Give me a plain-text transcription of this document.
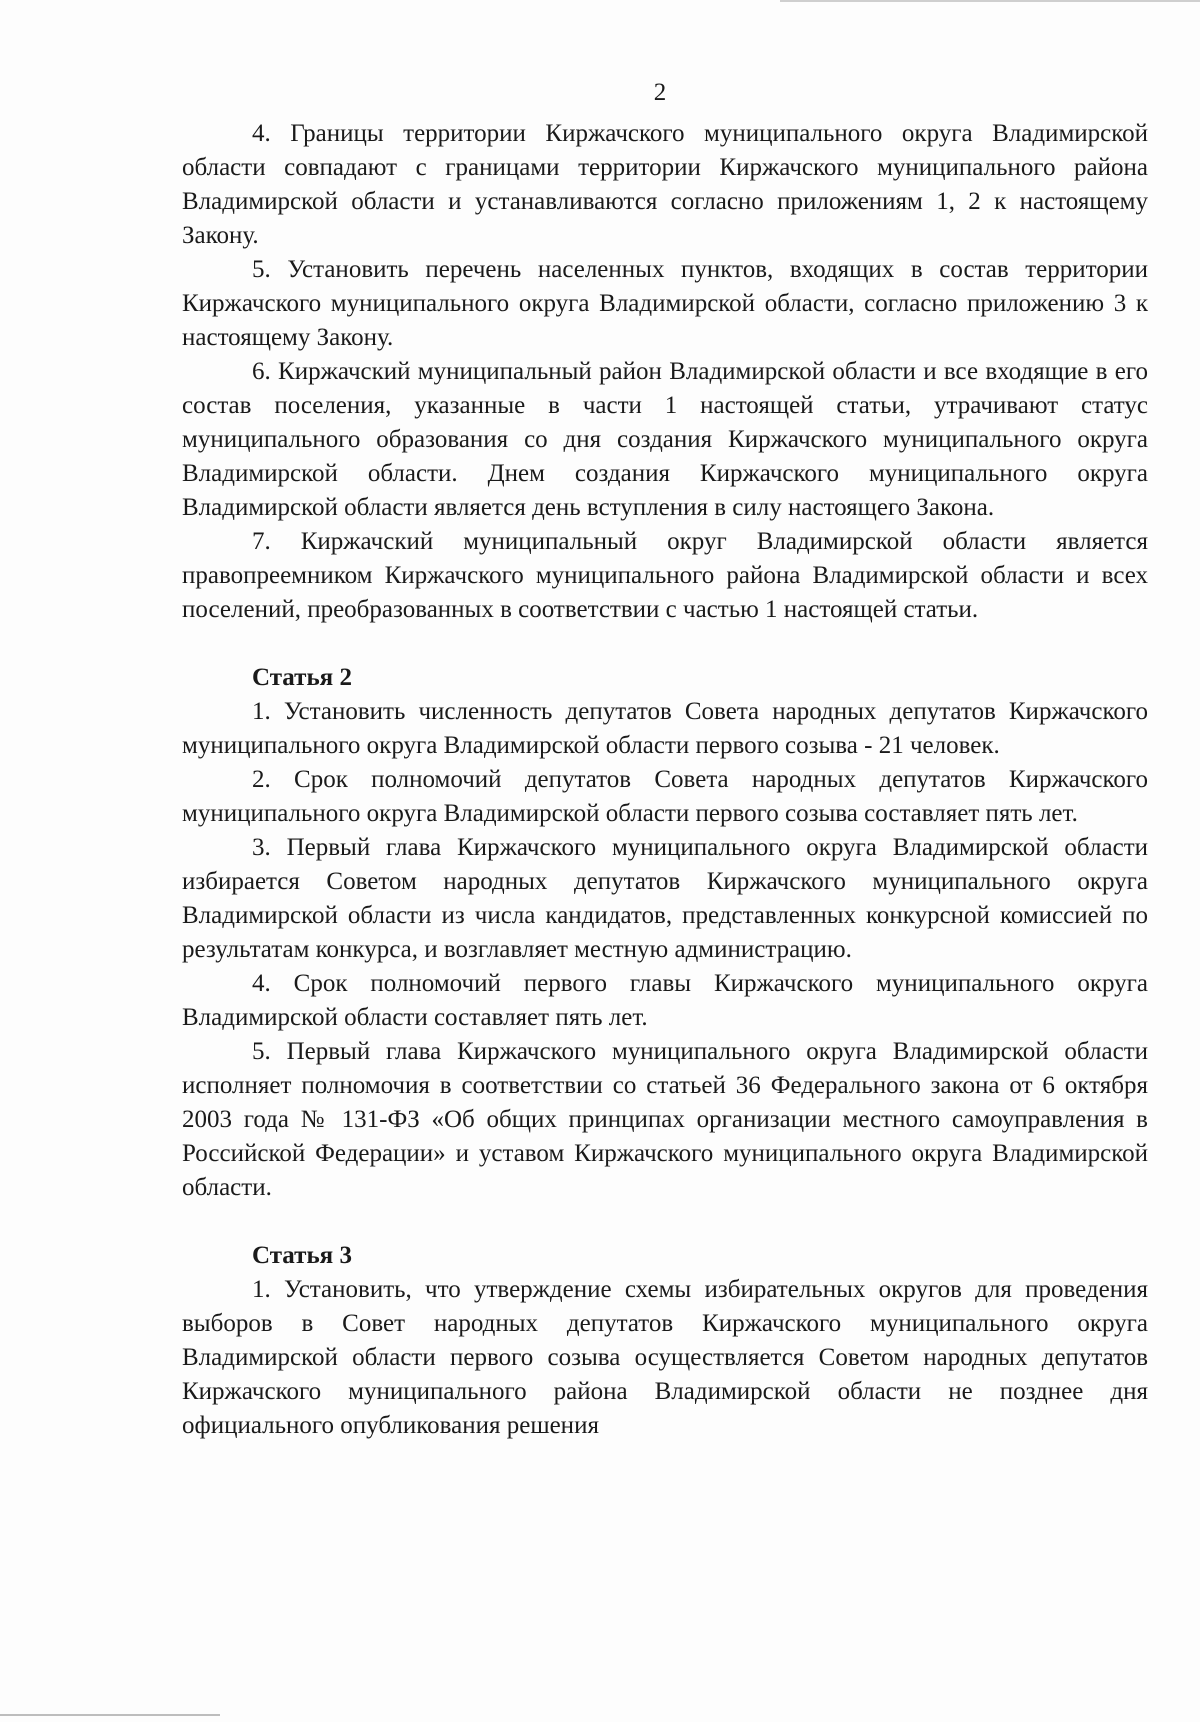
2

4. Границы территории Киржачского муниципального округа Владимирской области совпадают с границами территории Киржачского муниципального района Владимирской области и устанавливаются согласно приложениям 1, 2 к настоящему Закону.

5. Установить перечень населенных пунктов, входящих в состав территории Киржачского муниципального округа Владимирской области, согласно приложению 3 к настоящему Закону.

6. Киржачский муниципальный район Владимирской области и все входящие в его состав поселения, указанные в части 1 настоящей статьи, утрачивают статус муниципального образования со дня создания Киржачского муниципального округа Владимирской области. Днем создания Киржачского муниципального округа Владимирской области является день вступления в силу настоящего Закона.

7. Киржачский муниципальный округ Владимирской области является правопреемником Киржачского муниципального района Владимирской области и всех поселений, преобразованных в соответствии с частью 1 настоящей статьи.

Статья 2

1. Установить численность депутатов Совета народных депутатов Киржачского муниципального округа Владимирской области первого созыва - 21 человек.

2. Срок полномочий депутатов Совета народных депутатов Киржачского муниципального округа Владимирской области первого созыва составляет пять лет.

3. Первый глава Киржачского муниципального округа Владимирской области избирается Советом народных депутатов Киржачского муниципального округа Владимирской области из числа кандидатов, представленных конкурсной комиссией по результатам конкурса, и возглавляет местную администрацию.

4. Срок полномочий первого главы Киржачского муниципального округа Владимирской области составляет пять лет.

5. Первый глава Киржачского муниципального округа Владимирской области исполняет полномочия в соответствии со статьей 36 Федерального закона от 6 октября 2003 года № 131-ФЗ «Об общих принципах организации местного самоуправления в Российской Федерации» и уставом Киржачского муниципального округа Владимирской области.

Статья 3

1. Установить, что утверждение схемы избирательных округов для проведения выборов в Совет народных депутатов Киржачского муниципального округа Владимирской области первого созыва осуществляется Советом народных депутатов Киржачского муниципального района Владимирской области не позднее дня официального опубликования решения
